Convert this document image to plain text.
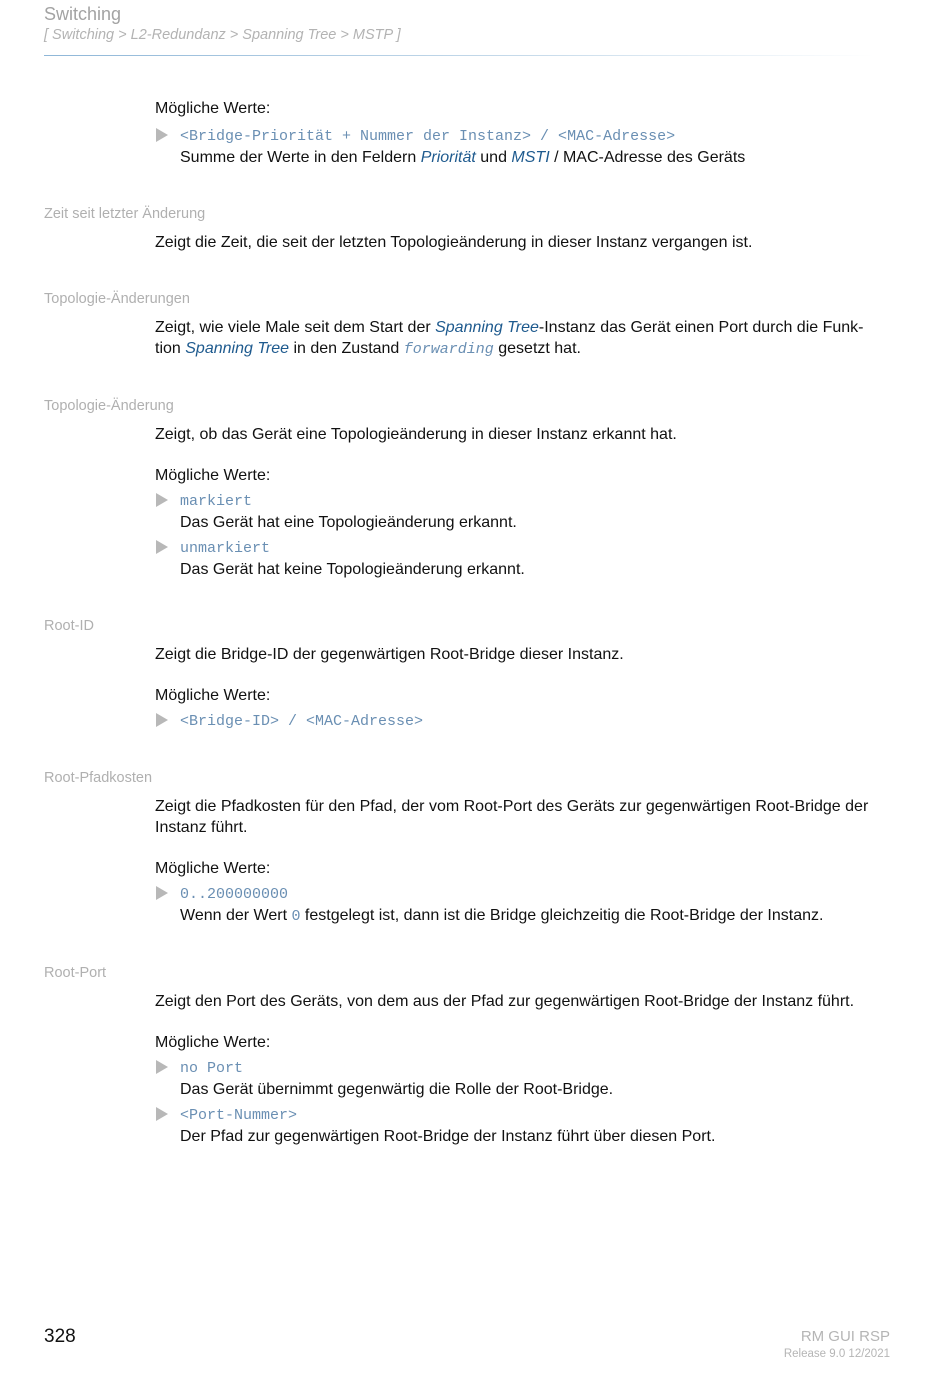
Switching
[ Switching > L2-Redundanz > Spanning Tree > MSTP ]
Mögliche Werte:
<Bridge-Priorität + Nummer der Instanz> / <MAC-Adresse>
Summe der Werte in den Feldern Priorität und MSTI / MAC-Adresse des Geräts
Zeit seit letzter Änderung
Zeigt die Zeit, die seit der letzten Topologieänderung in dieser Instanz vergangen ist.
Topologie-Änderungen
Zeigt, wie viele Male seit dem Start der Spanning Tree-Instanz das Gerät einen Port durch die Funk-
tion Spanning Tree in den Zustand forwarding gesetzt hat.
Topologie-Änderung
Zeigt, ob das Gerät eine Topologieänderung in dieser Instanz erkannt hat.
Mögliche Werte:
markiert
Das Gerät hat eine Topologieänderung erkannt.
unmarkiert
Das Gerät hat keine Topologieänderung erkannt.
Root-ID
Zeigt die Bridge-ID der gegenwärtigen Root-Bridge dieser Instanz.
Mögliche Werte:
<Bridge-ID> / <MAC-Adresse>
Root-Pfadkosten
Zeigt die Pfadkosten für den Pfad, der vom Root-Port des Geräts zur gegenwärtigen Root-Bridge der Instanz führt.
Mögliche Werte:
0..200000000
Wenn der Wert 0 festgelegt ist, dann ist die Bridge gleichzeitig die Root-Bridge der Instanz.
Root-Port
Zeigt den Port des Geräts, von dem aus der Pfad zur gegenwärtigen Root-Bridge der Instanz führt.
Mögliche Werte:
no Port
Das Gerät übernimmt gegenwärtig die Rolle der Root-Bridge.
<Port-Nummer>
Der Pfad zur gegenwärtigen Root-Bridge der Instanz führt über diesen Port.
328	RM GUI RSP
Release 9.0 12/2021
